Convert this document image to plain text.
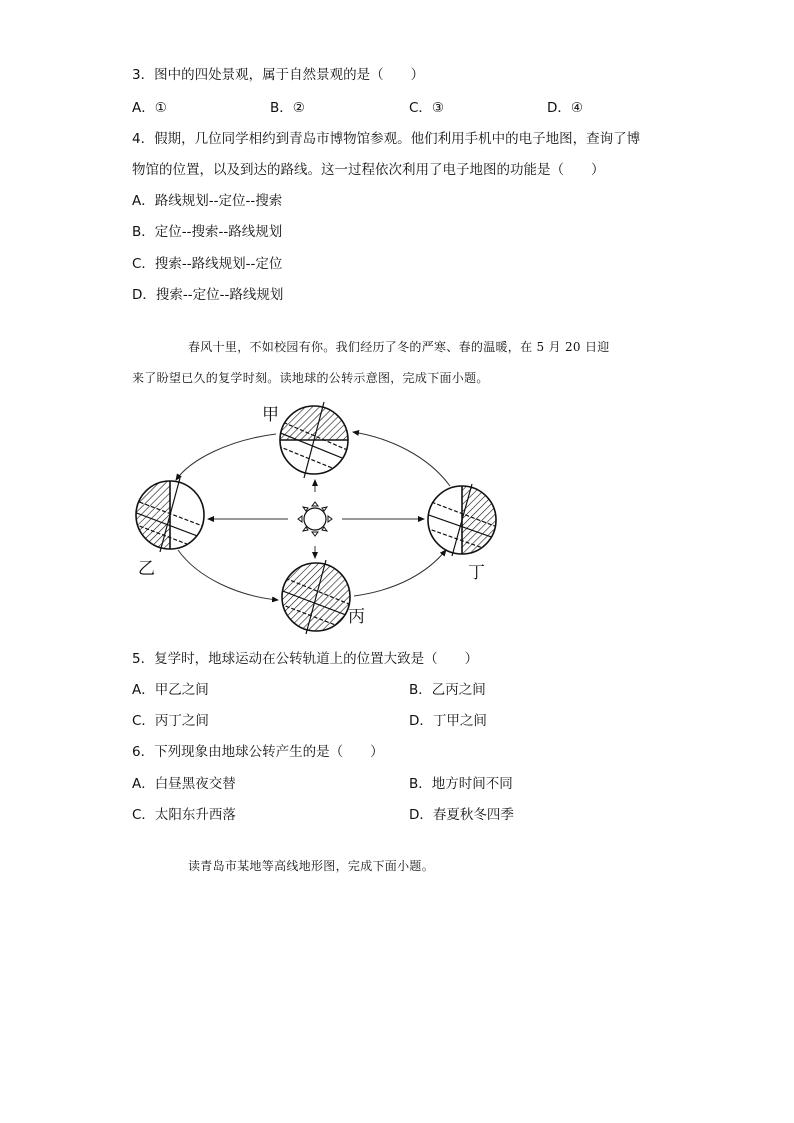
3．图中的四处景观，属于自然景观的是（　　）
A．①	B．②	C．③	D．④
4．假期，几位同学相约到青岛市博物馆参观。他们利用手机中的电子地图，查询了博
物馆的位置，以及到达的路线。这一过程依次利用了电子地图的功能是（　　）
A．路线规划--定位--搜索
B．定位--搜索--路线规划
C．搜索--路线规划--定位
D．搜索--定位--路线规划
春风十里，不如校园有你。我们经历了冬的严寒、春的温暖，在 5 月 20 日迎
来了盼望已久的复学时刻。读地球的公转示意图，完成下面小题。
甲
乙
丙
丁
5．复学时，地球运动在公转轨道上的位置大致是（　　）
A．甲乙之间	B．乙丙之间
C．丙丁之间	D．丁甲之间
6．下列现象由地球公转产生的是（　　）
A．白昼黑夜交替	B．地方时间不同
C．太阳东升西落	D．春夏秋冬四季
读青岛市某地等高线地形图，完成下面小题。
